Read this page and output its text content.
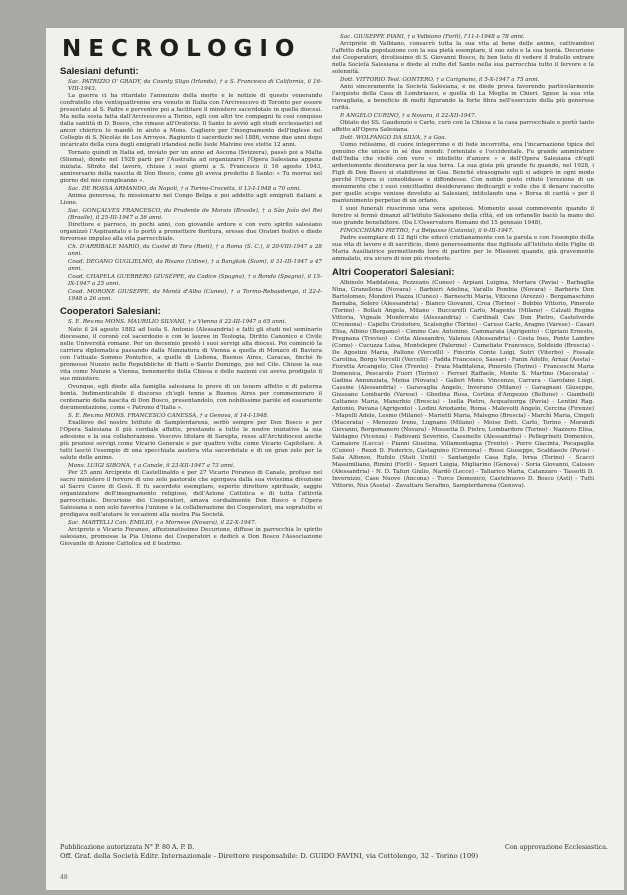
NECROLOGIO
Salesiani defunti:
Sac. PATRIZIO O' GRADY, da County Sligo (Irlanda), † a S. Francesco di California, il 16-VIII-1943.
La guerra ci ha ritardato l'annunzio della morte e le notizie di questo venerando confratello che ventiquattrenne era venuto in Italia con l'Arcivescovo di Toronto per essere presentato al S. Padre e pervenire poi a facilitare il ministero sacerdotale in quella diocesi. Ma nella sosta fatta dall'Arcivescovo a Torino, egli con altri tre compagni fu così conquiso dalla santità di D. Bosco, che rimase all'Oratorio. Il Santo lo avviò agli studi ecclesiastici ed ancor chierico lo mandò in aiuto a Mons. Cagliero per l'insegnamento dell'inglese nel Collegio di S. Nicolás de Los Arroyos. Ragiunto il sacerdozio nel 1886, venne due anni dopo incaricato della cura degli emigrati irlandesi nelle Isole Malvine ove stette 12 anni.
Tornato quindi in Italia ed, inviato per un anno ad Ascona (Svizzera), passò poi a Malta (Sliema), donde nel 1928 partì per l'Australia ad organizzarvi l'Opera Salesiana appena iniziata. Sfinito dal lavoro, chiuse i suoi giorni a S. Francesco il 16 agosto 1943, anniversario della nascita di Don Bosco, come gli aveva predetto il Santo: « Tu morrai nel giorno del mio compleanno ».
Sac. DE ROSSA ARMANDO, da Napoli, † a Torino-Crocetta, il 13-I-1948 a 70 anni.
Anima generosa, fu missionario nel Congo Belga e poi addetto agli emigrati italiani a Lione.
Sac. GONÇALVES FRANCESCO, da Prudente de Morais (Brasile), † a São João del Rei (Brasile), il 25-III-1947 a 36 anni.
Direttore e parroco, in pochi anni, con giovanile ardore e con vero spirito salesiano organizzò l'Aspirantato e lo portò a promettere floritura, eresse due Oratori festivi e diede fervorose impulso alla vita parrocchiale.
Ch. D'ARRIBALE MARIO, da Castel di Tora (Rieti), † a Roma (S. C.), il 20-VIII-1947 a 28 anni.
Coad. DEGANO GUGLIELMO, da Risano (Udine), † a Bangkok (Siam), il 31-III-1947 a 47 anni.
Coad. CHAPELA GUERRERO GIUSEPPE, da Cadice (Spagna), † a Ronda (Spagna), il 15-IX-1947 a 25 anni.
Coad. MORONE GIUSEPPE, da Montà d'Alba (Cuneo), † a Torino-Rebaudengo, il 22-I-1948 a 26 anni.
Cooperatori Salesiani:
S. E. Rev.ma MONS. MAURILIO SILVANI, † a Vienna il 22-III-1947 a 65 anni.
Nato il 24 agosto 1882 ad Isola S. Antonio (Alessandria) e fatti gli studi nel seminario diocesano, il coronò col sacerdozio e con le lauree in Teologia, Diritto Canonico e Civile nelle Università romane. Per un decennio prestò i suoi servigi alla diocesi. Poi cominciò la carriera diplomatica passando dalla Nunziatura di Vienna a quella di Monaco di Baviera con l'attuale Sommo Pontefice, a quelle di Lisbona, Buenos Aires, Caracas, finché fu promosso Nunzio nelle Repubbliche di Haiti e Santo Domingo, poi nel Cile. Chiuse la sua vita come Nunzio a Vienna, benemerito della Chiesa e delle nazioni cui aveva prodigato il suo ministero.
Ovunque, egli diede alla famiglia salesiana le prove di un tenero affetto e di paterna bontà. Indimenticabile il discorso ch'egli tenne a Buenos Aires per commemorare il centenario della nascita di Don Bosco, presentandolo, con nobilissime parole ed esauriente documentazione, come « Patrono d'Italia ».
S. E. Rev.ma MONS. FRANCESCO CANESSA, † a Genova, il 14-I-1948.
Exallievo del nostro Istituto di Sampierdarena, serbò sempre per Don Bosco e per l'Opera Salesiana il più cordiale affetto, prestando a tutte le nostre iniziative la sua adesione e la sua collaborazione. Vescovo titolare di Sarepta, resse all'Archidiocesi anche più preziosi servigi come Vicario Generale e per quattro volte come Vicario Capitolare. A tutti lasciò l'esempio di una specchiata austera vita sacerdotale e di un gran zelo per la salute delle anime.
Mons. LUIGI SIBONA, † a Canale, il 23-XII-1947 a 73 anni.
Per 25 anni Arciprete di Castellinaldo e per 27 Vicario Foraneo di Canale, profuse nel sacro ministero il fervore di uno zelo pastorale che sgorgava dalla sua vivissima divozione al Sacro Cuore di Gesù. E fu sacerdote esemplare, esperto direttore spirituale, saggio organizzatore dell'insegnamento religioso, dell'Azione Cattolica e di tutta l'attività parrocchiale. Decurione dei Cooperatori, amava cordialmente Don Bosco e l'Opera Salesiana e non solo favoriva l'unione e la collaborazione dei Cooperatori, ma sopratutto si prodigava nell'aiutare le vocazioni alla nostra Pia Società.
Sac. MARTELLI Can. EMILIO, † a Mornese (Novara), il 22-X-1947.
Arciprete e Vicario Foraneo, affezionatissimo Decurione, diffuse in parrocchia lo spirito salesiano, promosse la Pia Unione dei Cooperatori e dedicò a Don Bosco l'Associazione Giovanile di Azione Cattolica ed il teatrino.
Sac. GIUSEPPE PIANI, † a Valbiano (Forlì), l'11-I-1948 a 78 anni.
Arciprete di Valbiano, consacrò tutta la sua vita al bene delle anime, cattivandosi l'affetto della popolazione con la sua pietà esemplare, il suo zelo e la sua bontà. Decurione dei Cooperatori, divotissimo di S. Giovanni Bosco, fu ben lieto di vedere il fratello entrare nella Società Salesiana e diede al culto del Santo nella sua parrocchia tutto il fervore e la solennità.
Dott. VITTORIO Teol. GONTERO, † a Carignano, il 5-X-1947 a 75 anni.
Anni sinceramente la Società Salesiana, e ne diede prova favorendo particolarmente l'acquisto della Casa di Lombriasco, e quella di La Moglia in Chieri. Spese la sua vita travagliata, a beneficio di molti figurando la forte fibra nell'esercizio della più generosa carità.
P. ANGELO CURINO, † a Novara, il 22-XII-1947.
Oblato dei SS. Gaudenzio e Carlo, curò con la Chiesa e la casa parrocchiale e portò tanto affetto all'Opera Salesiana.
Dott. WOLFANGO DA SILVA, † a Goa.
Uomo retissimo, di cuore integerrimo e di fede incorrotta, era l'incarnazione tipica del genuino che unisce in sé due mondi: l'orientale e l'occidentale. Fu grande ammiratore dell'India che visitò con vero « intelletto d'amore » e dell'Opera Salesiana ch'egli ardentemente desiderava per la sua terra. La sua gioia più grande fu quando, nel 1928, i Figli di Don Bosco si stabilirono in Goa. Benché strasognato egli si adoprò in ogni modo perché l'Opera si consolidasse e diffondesse. Con nobile gesto rifiutò l'erezione di un monumento che i suoi concittadini desideravano dedicargli e volle che il denaro raccolto per quello scopo venisse devoluto ai Salesiani, intitolando una « Borsa di carità » per il mantenimento perpetuo di un orfano.
I suoi funerali riuscirono una vera apoteosi. Momento assai commovente quando il feretro si fermò dinanzi all'Istituto Salesiano della città, ed un orfanello baciò la mano del suo grande benefattore. (Da L'Osservatore Romano del 15 gennaio 1948).
FINOCCHIARO PIETRO, † a Belpasso (Catania), il 6-III-1947.
Padre esemplare di 12 figli che educò cristianamente con la parola e con l'esempio della sua vita di lavoro e di sacrificio, donò generosamente due figliuole all'Istituto delle Figlie di Maria Ausiliatrice permettendo loro di partire per le Missioni quando, già gravemente ammalato, era sicuro di non più rivederle.
Altri Cooperatori Salesiani:

Albinolo Maddalena, Pezzeano (Cuneo) - Arpiani Luigina, Mortara (Pavia) - Barbaglia Nina, Granellona (Novara) - Barbieri Adelina, Varallo Pombia (Novara) - Barberis Don Bartolomeo, Mondovì Piazza (Cuneo) - Barneschi Maria, Viticeno (Arezzo) - Bergamaschino Barnaba, Solero (Alessandria) - Bianco Giovanni, Crea (Torino) - Bobbio Vittorio, Pinerolo (Torino) - Bollati Angela, Milano - Buccarelli Carlo, Magenta (Milano) - Calzati Regina Vittoria, Vignale Monferrato (Alessandria) - Cardinali Cav. Don Pietro, Castelverde (Cremona) - Capello Cristoforo, Scalenghe (Torino) - Caruso Carlo, Aragno (Varese) - Casari Elisa, Albino (Bergamo) - Cimino Cav. Antonino, Cammarata (Agrigento) - Cipriani Ernesto, Pregnana (Treviso) - Cotta Alessandro, Valenza (Alessandria) - Costa Ines, Ponte Lambro (Como) - Cucuzza Luisa, Montelepre (Palermo) - Cumetiato Francesco, Soldeido (Brescia) - De Agostini Maria, Pallone (Vercelli) - Fincirlo Conte Luigi, Sutri (Viterbo) - Fossale Carolina, Borgo Vercelli (Vercelli) - Fadda Francesco, Sassari - Fanin Adolfo, Arnaz (Aosta) - Fioretta Arcangelo, Cles (Trento) - Fraia Maddalena, Pinerolo (Torino) - Franceschi Maria Domenica, Pescarolo Fuori (Torino) - Ferrari Raffaele, Monte S. Martino (Macerata) - Gadina Annunziata, Meina (Novara) - Galleri Mons. Vincenzo, Carrara - Garofano Luigi, Cassine (Alessandria) - Garavaglia Angelo, Inveruno (Milano) - Garagnani Giuseppe, Giussano Lombardo (Varese) - Ghedina Rosa, Cortina d'Ampezzo (Belluno) - Giambelli Cattaneo Maria, Manerbio (Brescia) - Isella Pietro, Acquafuorga (Pavia) - Lentini Rag. Antonio, Pavana (Agrigento) - Lodini Ariodante, Roma - Malevolti Angelo, Cercina (Firenze) - Mapelli Adele, Lesmo (Milano) - Marietti Maria, Malegno (Brescia) - Marchi Maria, Cingoli (Macerata) - Menozzo Irene, Lugnano (Milano) - Moise Dott. Carlo, Torino - Morandi Giovanni, Borgomanero (Novara) - Mussetta D. Pietro, Lombardore (Torino) - Nazzero Elisa, Valdagno (Vicenza) - Padovani Severino, Cassinelle (Alessandria) - Pellegrineti Domenico, Camaiore (Lucca) - Pianni Giustina, Villamontagna (Trento) - Porro Giacinta, Pocapaglia (Cuneo) - Rezzi D. Federico, Castagnino (Cremona) - Rossi Giuseppe, Scaldasole (Pavia) - Sala Alfonso, Rufolo (Stati Uniti) - Santangelo Casa Egle, Ivrea (Torino) - Scacci Massimiliano, Rimini (Forlì) - Squeri Luigia, Migliarino (Genova) - Soria Giovanni, Calosso (Alessandria) - N. D. Tafuri Giulio, Nardò (Lecce) - Tallarico Maria, Catanzaro - Tassotti D. Invernizio, Case Nuove (Ancona) - Turco Domenico, Castelnuovo D. Bosco (Asti) - Tutti Vittorio, Nus (Aosta) - Zavattaro Serafino, Sampierdarena (Genova).

Pubblicazione autorizzata N° P. 80 A. P. B.	Con approvazione Ecclesiastica.
Off. Graf. della Società Editr. Internazionale - Direttore responsabile: D. GUIDO FAVINI, via Cottolengo, 32 - Torino (109)
48
